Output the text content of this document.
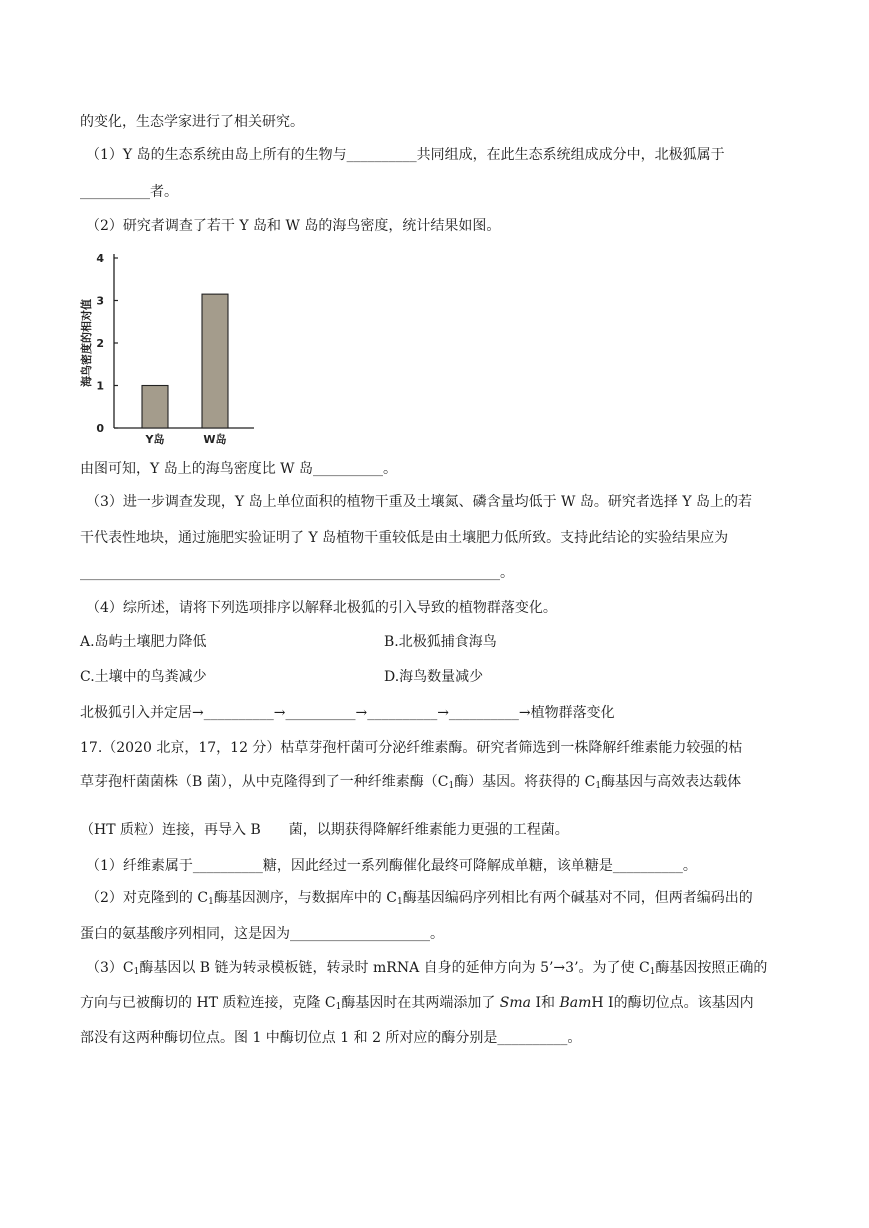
的变化，生态学家进行了相关研究。
（1）Y 岛的生态系统由岛上所有的生物与__________共同组成，在此生态系统组成成分中，北极狐属于
__________者。
（2）研究者调查了若干 Y 岛和 W 岛的海鸟密度，统计结果如图。
海鸟密度的相对值
0
1
2
3
4
Y岛	W岛
由图可知，Y 岛上的海鸟密度比 W 岛__________。
（3）进一步调查发现，Y 岛上单位面积的植物干重及土壤氮、磷含量均低于 W 岛。研究者选择 Y 岛上的若
干代表性地块，通过施肥实验证明了 Y 岛植物干重较低是由土壤肥力低所致。支持此结论的实验结果应为
____________________________________________________________。
（4）综所述，请将下列选项排序以解释北极狐的引入导致的植物群落变化。
A.岛屿土壤肥力降低	B.北极狐捕食海鸟
C.土壤中的鸟粪减少	D.海鸟数量减少
北极狐引入并定居→__________→__________→__________→__________→植物群落变化
17.（2020 北京，17，12 分）枯草芽孢杆菌可分泌纤维素酶。研究者筛选到一株降解纤维素能力较强的枯
草芽孢杆菌菌株（B 菌），从中克隆得到了一种纤维素酶（$C_1$酶）基因。将获得的 $C_1$酶基因与高效表达载体
（HT 质粒）连接，再导入 B　　菌，以期获得降解纤维素能力更强的工程菌。
（1）纤维素属于__________糖，因此经过一系列酶催化最终可降解成单糖，该单糖是__________。
（2）对克隆到的 $C_1$酶基因测序，与数据库中的 $C_1$酶基因编码序列相比有两个碱基对不同，但两者编码出的
蛋白的氨基酸序列相同，这是因为____________________。
$(3)C_1$酶基因以 B 链为转录模板链，转录时 mRNA 自身的延伸方向为 5’→3’。为了使 $C_1$酶基因按照正确的
方向与已被酶切的 HT 质粒连接，克隆 $C_1$酶基因时在其两端添加了 Sma Ⅰ和 BamH Ⅰ的酶切位点。该基因内
部没有这两种酶切位点。图 1 中酶切位点 1 和 2 所对应的酶分别是__________。
